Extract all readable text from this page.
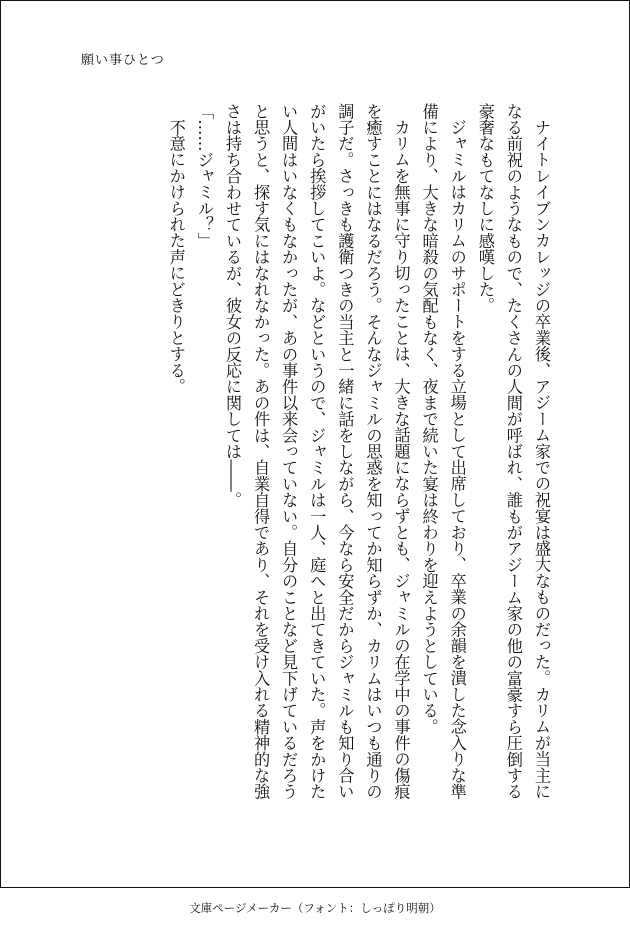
願い事ひとつ

ナイトレイブンカレッジの卒業後、アジーム家での祝宴は盛大なものだった。カリムが当主になる前祝のようなもので、たくさんの人間が呼ばれ、誰もがアジーム家の他の富豪すら圧倒する豪奢なもてなしに感嘆した。

ジャミルはカリムのサポートをする立場として出席しており、卒業の余韻を潰した念入りな準備により、大きな暗殺の気配もなく、夜まで続いた宴は終わりを迎えようとしている。

カリムを無事に守り切ったことは、大きな話題にならずとも、ジャミルの在学中の事件の傷痕を癒すことにはなるだろう。そんなジャミルの思惑を知ってか知らずか、カリムはいつも通りの調子だ。さっきも護衛つきの当主と一緒に話をしながら、今なら安全だからジャミルも知り合いがいたら挨拶してこいよ。などというので、ジャミルは一人、庭へと出てきていた。声をかけたい人間はいなくもなかったが、あの事件以来会っていない。自分のことなど見下げているだろうと思うと、探す気にはなれなかった。あの件は、自業自得であり、それを受け入れる精神的な強さは持ち合わせているが、彼女の反応に関しては――。

「……ジャミル？」

不意にかけられた声にどきりとする。

文庫ページメーカー（フォント：しっぽり明朝）
